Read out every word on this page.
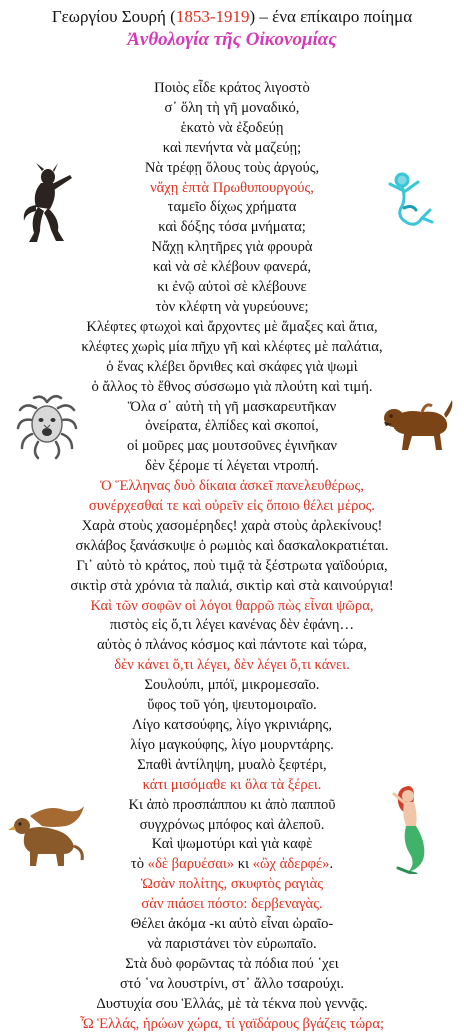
Γεωργίου Σουρή (1853-1919) – ένα επίκαιρο ποίημα
Ἀνθολογία τῆς Οἰκονομίας
Ποιὸς εἶδε κράτος λιγοστὸ
σ᾿ ὅλη τὴ γῆ μοναδικό,
ἑκατὸ νὰ ἐξοδεύῃ
καὶ πενήντα νὰ μαζεύῃ;
Νὰ τρέφῃ ὅλους τοὺς ἀργούς,
νἄχῃ ἑπτὰ Πρωθυπουργούς,
ταμεῖο δίχως χρήματα
καὶ δόξης τόσα μνήματα;
Νἄχῃ κλητῆρες γιὰ φρουρὰ
καὶ νὰ σὲ κλέβουν φανερά,
κι ἐνῷ αὐτοὶ σὲ κλέβουνε
τὸν κλέφτη νὰ γυρεύουνε;
Κλέφτες φτωχοὶ καὶ ἄρχοντες μὲ ἅμαξες καὶ ἄτια,
κλέφτες χωρὶς μία πῆχυ γῆ καὶ κλέφτες μὲ παλάτια,
ὁ ἕνας κλέβει ὄρνιθες καὶ σκάφες γιὰ ψωμὶ
ὁ ἄλλος τὸ ἔθνος σύσσωμο γιὰ πλούτη καὶ τιμή.
Ὅλα σ᾿ αὐτὴ τὴ γῆ μασκαρευτῆκαν
ὀνείρατα, ἐλπίδες καὶ σκοποί,
οἱ μοῦρες μας μουτσοῦνες ἐγινῆκαν
δὲν ξέρομε τί λέγεται ντροπή.
Ὁ Ἕλληνας δυὸ δίκαια ἀσκεῖ πανελευθέρως,
συνέρχεσθαί τε καὶ οὐρεῖν εἰς ὅποιο θέλει μέρος.
Χαρὰ στοὺς χασομέρηδες! χαρὰ στοὺς ἀρλεκίνους!
σκλάβος ξανάσκυψε ὁ ρωμιὸς καὶ δασκαλοκρατιέται.
Γι᾿ αὐτὸ τὸ κράτος, ποὺ τιμᾷ τὰ ξέστρωτα γαϊδούρια,
σικτὶρ στὰ χρόνια τὰ παλιά, σικτὶρ καὶ στὰ καινούργια!
Καὶ τῶν σοφῶν οἱ λόγοι θαρρῶ πὼς εἶναι ψῶρα,
πιστὸς εἰς ὅ,τι λέγει κανένας δὲν ἐφάνη…
αὐτὸς ὁ πλάνος κόσμος καὶ πάντοτε καὶ τώρα,
δὲν κάνει ὅ,τι λέγει, δὲν λέγει ὅ,τι κάνει.
Σουλούπι, μπόϊ, μικρομεσαῖο.
ὕφος τοῦ γόη, ψευτομοιραῖο.
Λίγο κατσούφης, λίγο γκρινιάρης,
λίγο μαγκούφης, λίγο μουρντάρης.
Σπαθὶ ἀντίληψη, μυαλὸ ξεφτέρι,
κάτι μισόμαθε κι ὅλα τὰ ξέρει.
Κι ἀπὸ προσπάππου κι ἀπὸ παπποῦ
συγχρόνως μπόφος καὶ ἀλεποῦ.
Καὶ ψωμοτύρι καὶ γιὰ καφὲ
τὸ «δὲ βαρυέσαι» κι «ὢχ ἀδερφέ».
Ὡσὰν πολίτης, σκυφτὸς ραγιὰς
σὰν πιάσει πόστο: δερβεναγὰς.
Θέλει ἀκόμα -κι αὐτὸ εἶναι ὡραῖο-
νὰ παριστάνει τὸν εὐρωπαῖο.
Στὰ δυὸ φορῶντας τὰ πόδια πού ῾χει
στό ῾να λουστρίνι, στ᾿ ἄλλο τσαρούχι.
Δυστυχία σου Ἑλλάς, μὲ τὰ τέκνα ποὺ γεννᾷς.
Ὦ Ἑλλάς, ἡρώων χώρα, τί γαϊδάρους βγάζεις τώρα;
